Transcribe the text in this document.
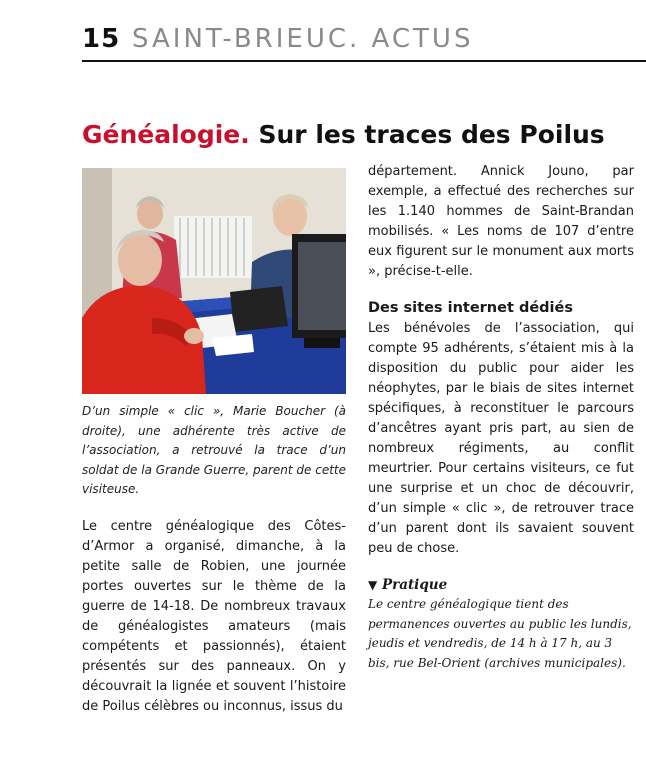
15 SAINT-BRIEUC. ACTUS
Généalogie. Sur les traces des Poilus
D’un simple « clic », Marie Boucher (à droite), une adhérente très active de l’association, a retrouvé la trace d’un soldat de la Grande Guerre, parent de cette visiteuse.
Le centre généalogique des Côtes-d’Armor a organisé, dimanche, à la petite salle de Robien, une journée portes ouvertes sur le thème de la guerre de 14-18. De nombreux travaux de généalogistes amateurs (mais compétents et passionnés), étaient présentés sur des panneaux. On y découvrait la lignée et souvent l’histoire de Poilus célèbres ou inconnus, issus du

département. Annick Jouno, par exemple, a effectué des recherches sur les 1.140 hommes de Saint-Brandan mobilisés. « Les noms de 107 d’entre eux figurent sur le monument aux morts », précise-t-elle.

Des sites internet dédiés

Les bénévoles de l’association, qui compte 95 adhérents, s’étaient mis à la disposition du public pour aider les néophytes, par le biais de sites internet spécifiques, à reconstituer le parcours d’ancêtres ayant pris part, au sien de nombreux régiments, au conflit meurtrier. Pour certains visiteurs, ce fut une surprise et un choc de découvrir, d’un simple « clic », de retrouver trace d’un parent dont ils savaient souvent peu de chose.

▼ Pratique

Le centre généalogique tient des permanences ouvertes au public les lundis, jeudis et vendredis, de 14 h à 17 h, au 3 bis, rue Bel-Orient (archives municipales).
